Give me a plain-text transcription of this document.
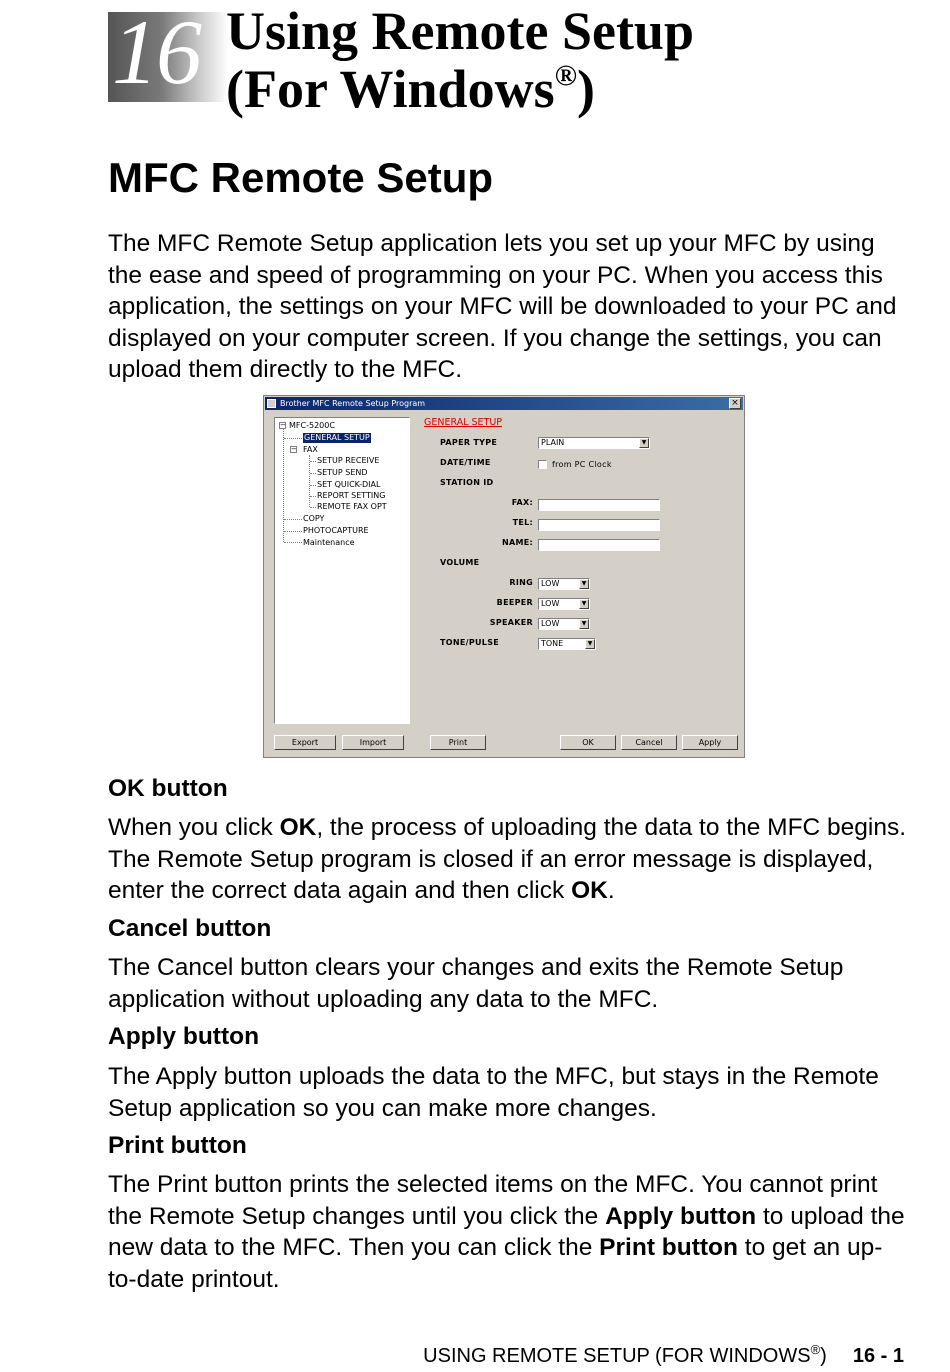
16 Using Remote Setup
(For Windows®)
MFC Remote Setup
The MFC Remote Setup application lets you set up your MFC by using the ease and speed of programming on your PC. When you access this application, the settings on your MFC will be downloaded to your PC and displayed on your computer screen. If you change the settings, you can upload them directly to the MFC.
Brother MFC Remote Setup Program	×
− MFC-5200C
GENERAL SETUP
− FAX
SETUP RECEIVE
SETUP SEND
SET QUICK-DIAL
REPORT SETTING
REMOTE FAX OPT
COPY
PHOTOCAPTURE
Maintenance
GENERAL SETUP
PAPER TYPE	PLAIN	▼
DATE/TIME	from PC Clock
STATION ID
FAX:
TEL:
NAME:
VOLUME
RING	LOW	▼
BEEPER	LOW	▼
SPEAKER	LOW	▼
TONE/PULSE	TONE	▼
Export	Import	Print	OK	Cancel	Apply
OK button
When you click OK, the process of uploading the data to the MFC begins. The Remote Setup program is closed if an error message is displayed, enter the correct data again and then click OK.
Cancel button
The Cancel button clears your changes and exits the Remote Setup application without uploading any data to the MFC.
Apply button
The Apply button uploads the data to the MFC, but stays in the Remote Setup application so you can make more changes.
Print button
The Print button prints the selected items on the MFC. You cannot print the Remote Setup changes until you click the Apply button to upload the new data to the MFC. Then you can click the Print button to get an up-to-date printout.
USING REMOTE SETUP (FOR WINDOWS®) 16 - 1
